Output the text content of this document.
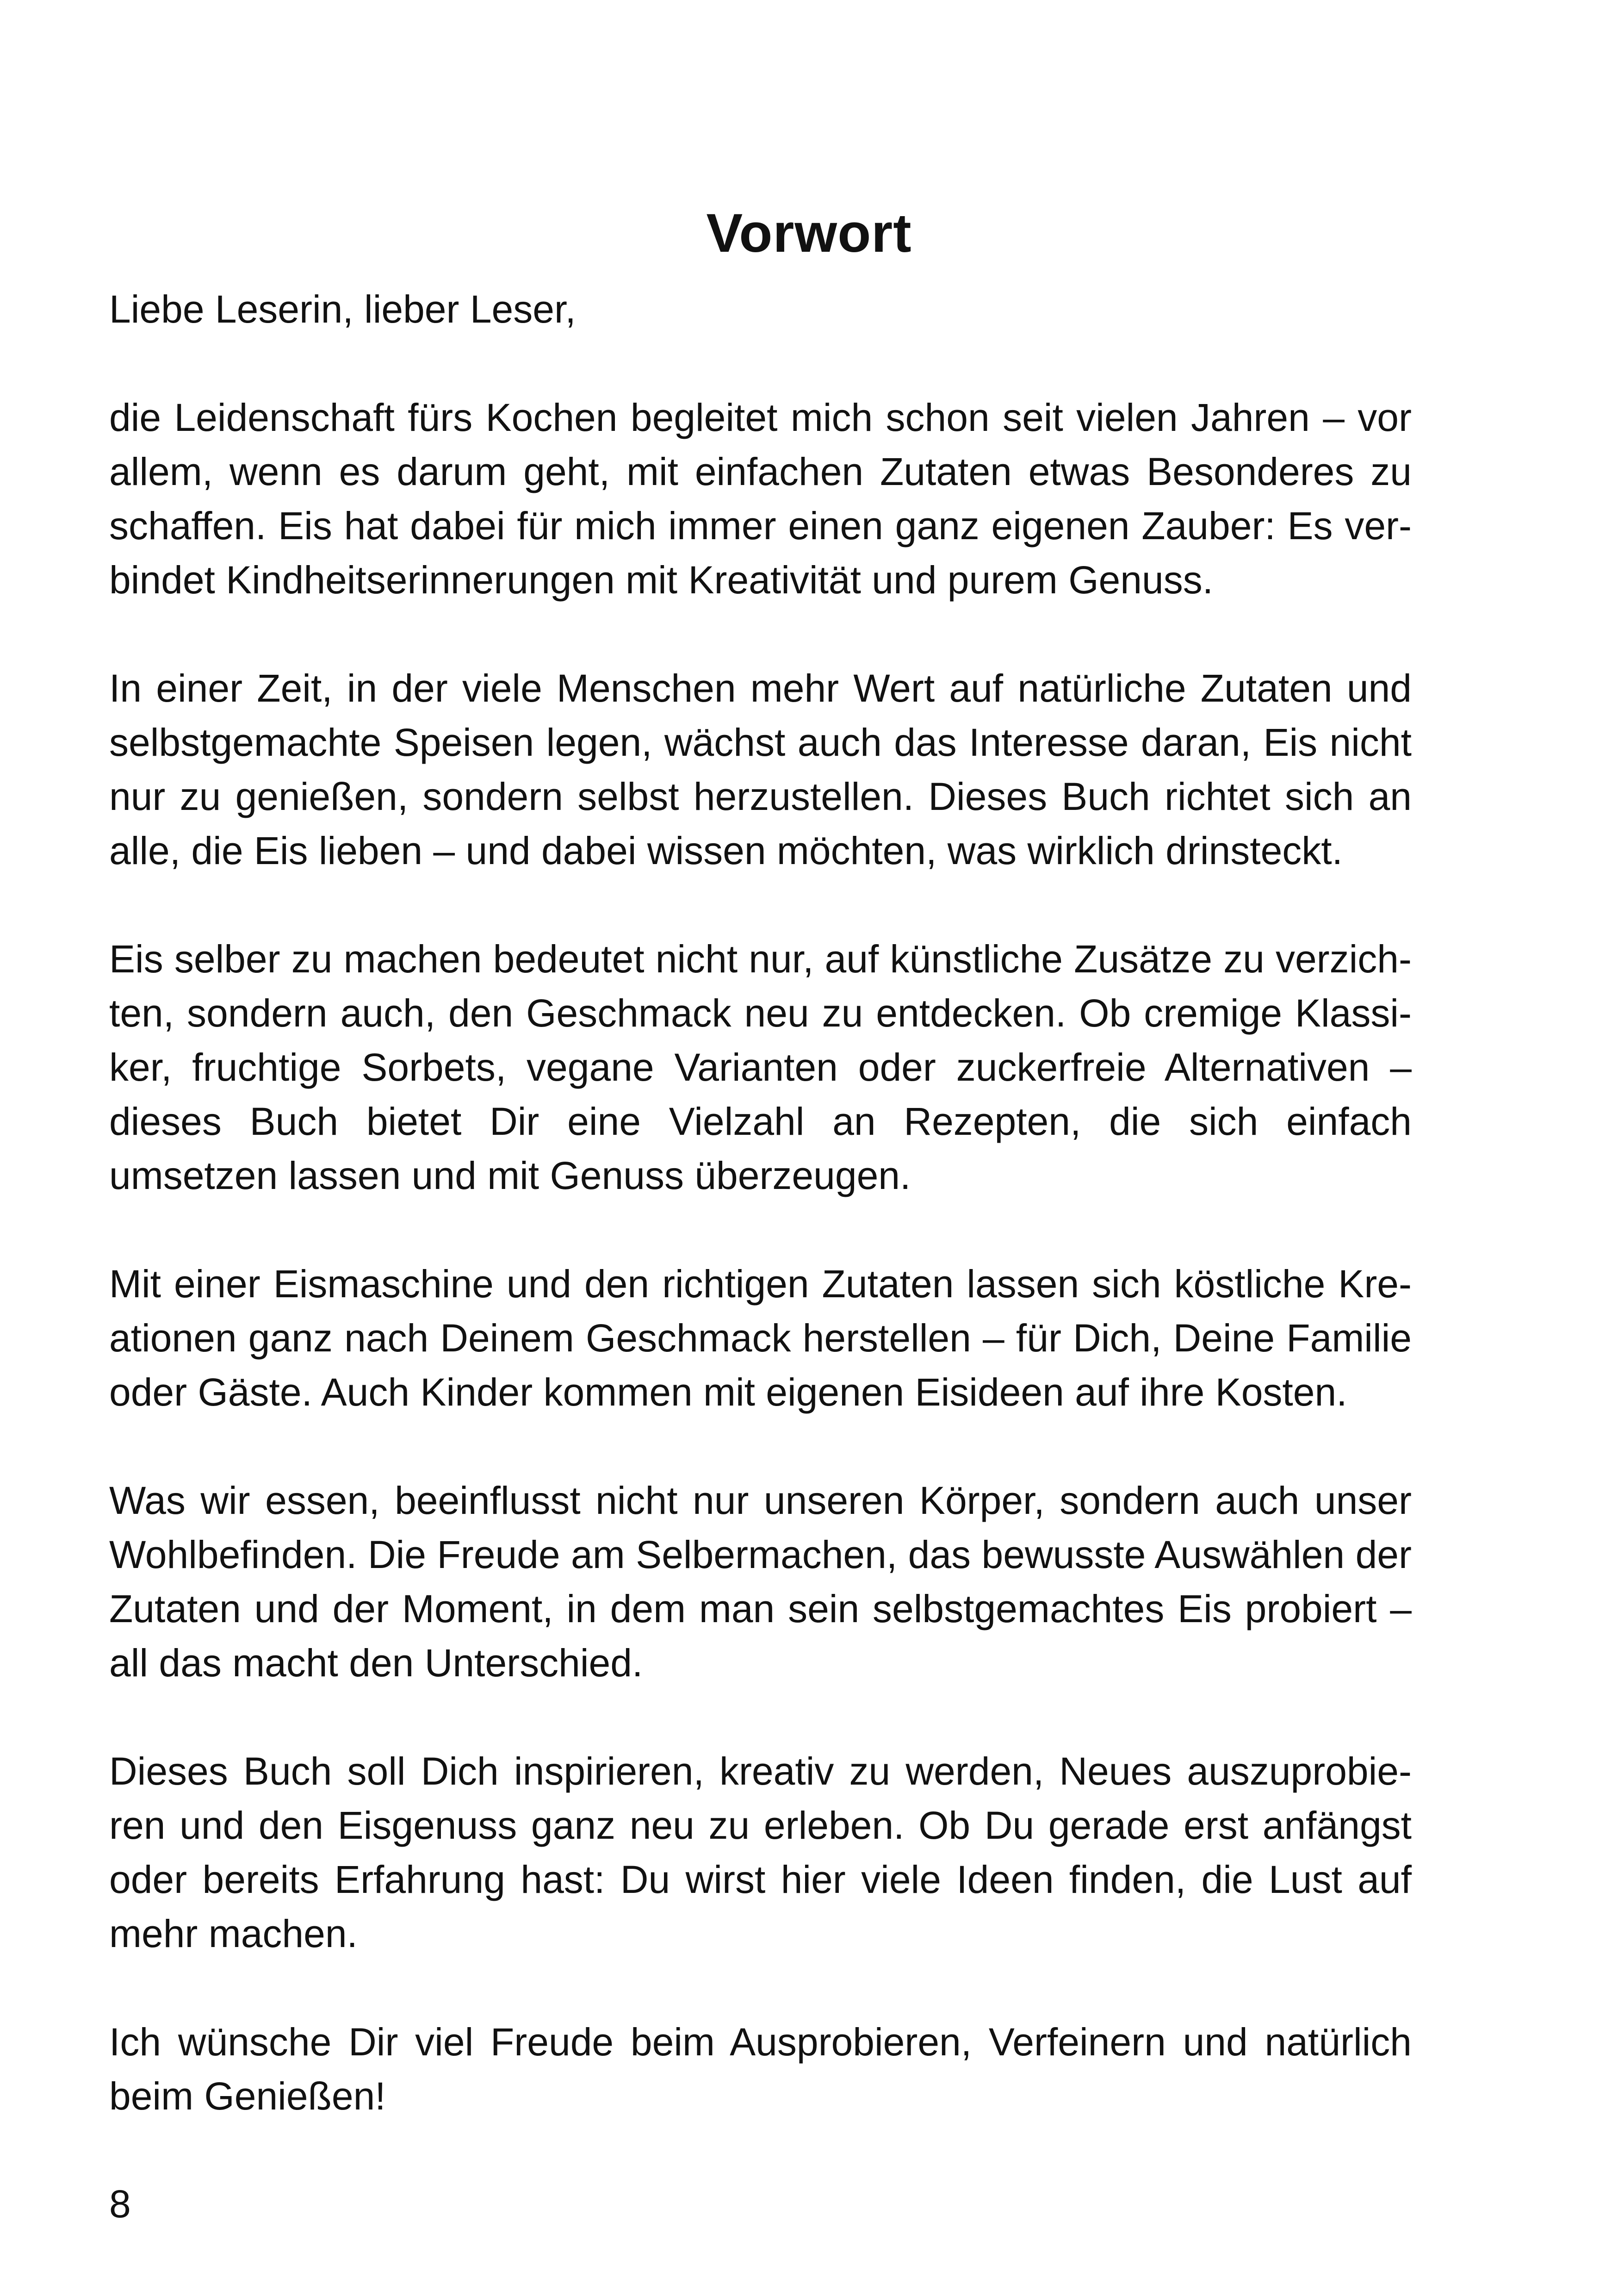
Vorwort

Liebe Leserin, lieber Leser,

die Leidenschaft fürs Kochen begleitet mich schon seit vielen Jahren – vor allem, wenn es darum geht, mit einfachen Zutaten etwas Besonderes zu schaffen. Eis hat dabei für mich immer einen ganz eigenen Zauber: Es verbindet Kindheitserinnerungen mit Kreativität und purem Genuss.

In einer Zeit, in der viele Menschen mehr Wert auf natürliche Zutaten und selbstgemachte Speisen legen, wächst auch das Interesse daran, Eis nicht nur zu genießen, sondern selbst herzustellen. Dieses Buch richtet sich an alle, die Eis lieben – und dabei wissen möchten, was wirklich drinsteckt.

Eis selber zu machen bedeutet nicht nur, auf künstliche Zusätze zu verzichten, sondern auch, den Geschmack neu zu entdecken. Ob cremige Klassiker, fruchtige Sorbets, vegane Varianten oder zuckerfreie Alternativen – dieses Buch bietet Dir eine Vielzahl an Rezepten, die sich einfach umsetzen lassen und mit Genuss überzeugen.

Mit einer Eismaschine und den richtigen Zutaten lassen sich köstliche Kreationen ganz nach Deinem Geschmack herstellen – für Dich, Deine Familie oder Gäste. Auch Kinder kommen mit eigenen Eisideen auf ihre Kosten.

Was wir essen, beeinflusst nicht nur unseren Körper, sondern auch unser Wohlbefinden. Die Freude am Selbermachen, das bewusste Auswählen der Zutaten und der Moment, in dem man sein selbstgemachtes Eis probiert – all das macht den Unterschied.

Dieses Buch soll Dich inspirieren, kreativ zu werden, Neues auszuprobieren und den Eisgenuss ganz neu zu erleben. Ob Du gerade erst anfängst oder bereits Erfahrung hast: Du wirst hier viele Ideen finden, die Lust auf mehr machen.

Ich wünsche Dir viel Freude beim Ausprobieren, Verfeinern und natürlich beim Genießen!

8
